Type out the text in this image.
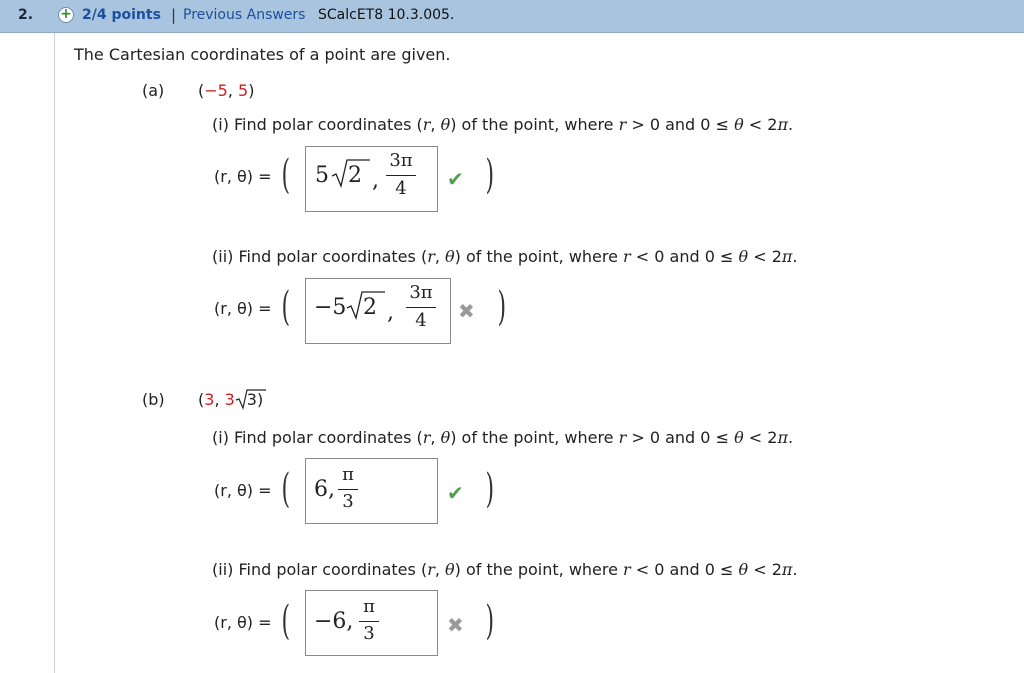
2. + 2/4 points | Previous Answers SCalcET8 10.3.005.
The Cartesian coordinates of a point are given.
(a) (−5, 5)
(i) Find polar coordinates (r, θ) of the point, where r > 0 and 0 ≤ θ < 2π.
(r, θ) = ( 5 2 ,
3π
4	✔ )
(ii) Find polar coordinates (r, θ) of the point, where r < 0 and 0 ≤ θ < 2π.
(r, θ) = ( −5 2 ,
3π
4	✖ )
(b) (3, 3 3)
(i) Find polar coordinates (r, θ) of the point, where r > 0 and 0 ≤ θ < 2π.
(r, θ) = ( 6,
π
3	✔ )
(ii) Find polar coordinates (r, θ) of the point, where r < 0 and 0 ≤ θ < 2π.
(r, θ) = ( −6,
π
3	✖ )
